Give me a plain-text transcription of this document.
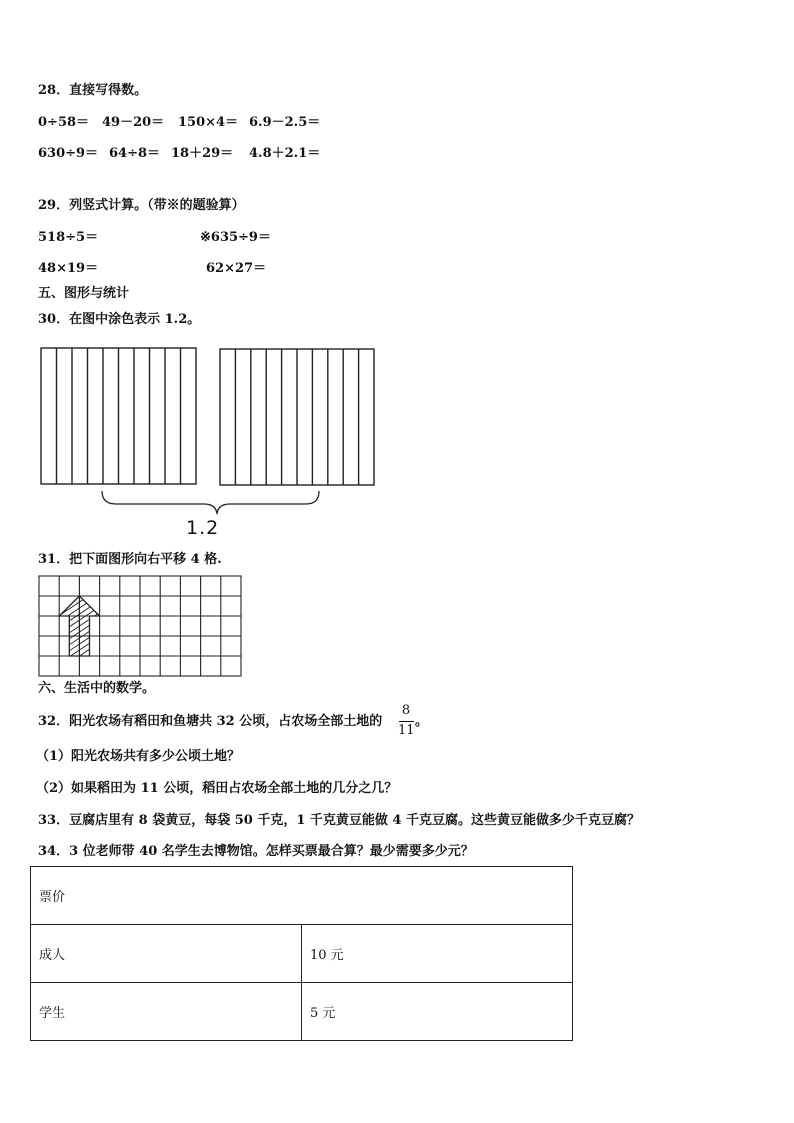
28．直接写得数。
0÷58＝ 49－20＝ 150×4＝ 6.9－2.5＝
630÷9＝ 64÷8＝ 18＋29＝ 4.8＋2.1＝
29．列竖式计算。（带※的题验算）
518÷5＝	※635÷9＝
48×19＝	62×27＝
五、图形与统计
30．在图中涂色表示 1.2。
1.2
31．把下面图形向右平移 4 格.
六、生活中的数学。
32．阳光农场有稻田和鱼塘共 32 公顷，占农场全部土地的
8
11
。
（1）阳光农场共有多少公顷土地？
（2）如果稻田为 11 公顷，稻田占农场全部土地的几分之几？
33．豆腐店里有 8 袋黄豆，每袋 50 千克，1 千克黄豆能做 4 千克豆腐。这些黄豆能做多少千克豆腐？
34．3 位老师带 40 名学生去博物馆。怎样买票最合算？最少需要多少元？
票价	
成人	10 元
学生	5 元
